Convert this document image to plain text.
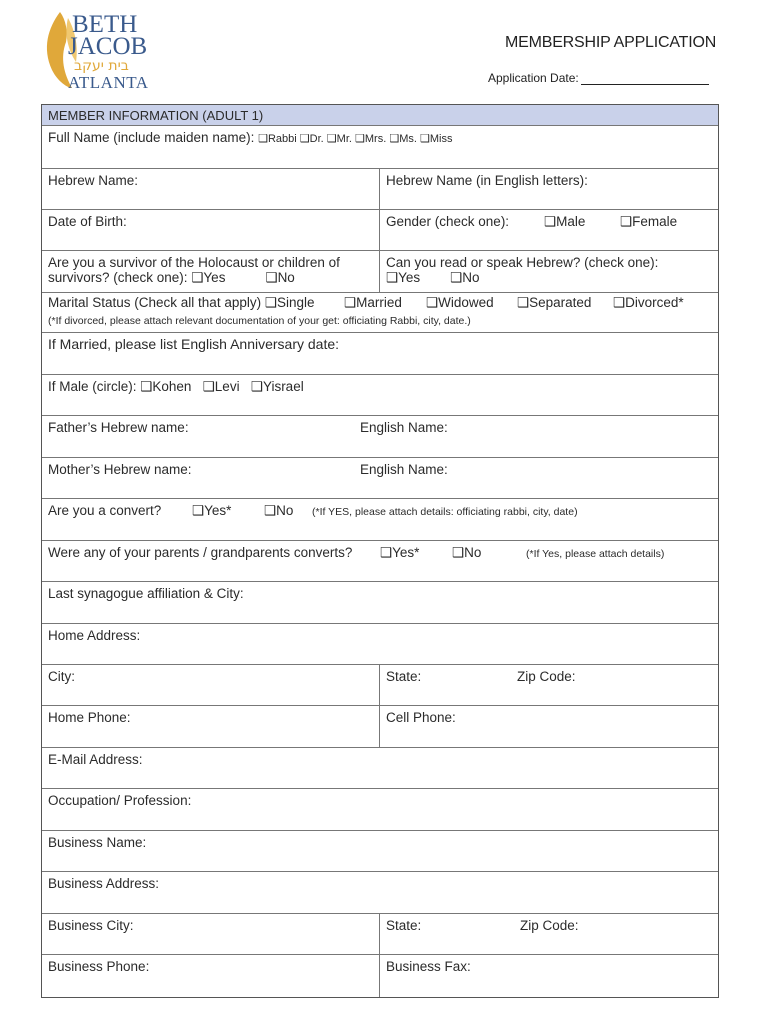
BETH
JACOB
בית יעקב
ATLANTA
MEMBERSHIP APPLICATION
Application Date:
MEMBER INFORMATION (ADULT 1)
Full Name (include maiden name): ❑Rabbi ❑Dr. ❑Mr. ❑Mrs. ❑Ms. ❑Miss
Hebrew Name:	Hebrew Name (in English letters):
Date of Birth:	Gender (check one):	❑Male	❑Female
Are you a survivor of the Holocaust or children of
survivors? (check one): ❑Yes	❑No
Can you read or speak Hebrew? (check one):
❑Yes ❑No
Marital Status (Check all that apply) ❑Single ❑Married ❑Widowed ❑Separated ❑Divorced*
(*If divorced, please attach relevant documentation of your get: officiating Rabbi, city, date.)
If Married, please list English Anniversary date:
If Male (circle): ❑Kohen ❑Levi ❑Yisrael
Father’s Hebrew name:	English Name:
Mother’s Hebrew name:	English Name:
Are you a convert? ❑Yes* ❑No (*If YES, please attach details: officiating rabbi, city, date)
Were any of your parents / grandparents converts? ❑Yes* ❑No	(*If Yes, please attach details)
Last synagogue affiliation & City:
Home Address:
City:	State:	Zip Code:
Home Phone:	Cell Phone:
E-Mail Address:
Occupation/ Profession:
Business Name:
Business Address:
Business City:	State:	Zip Code:
Business Phone:	Business Fax:
